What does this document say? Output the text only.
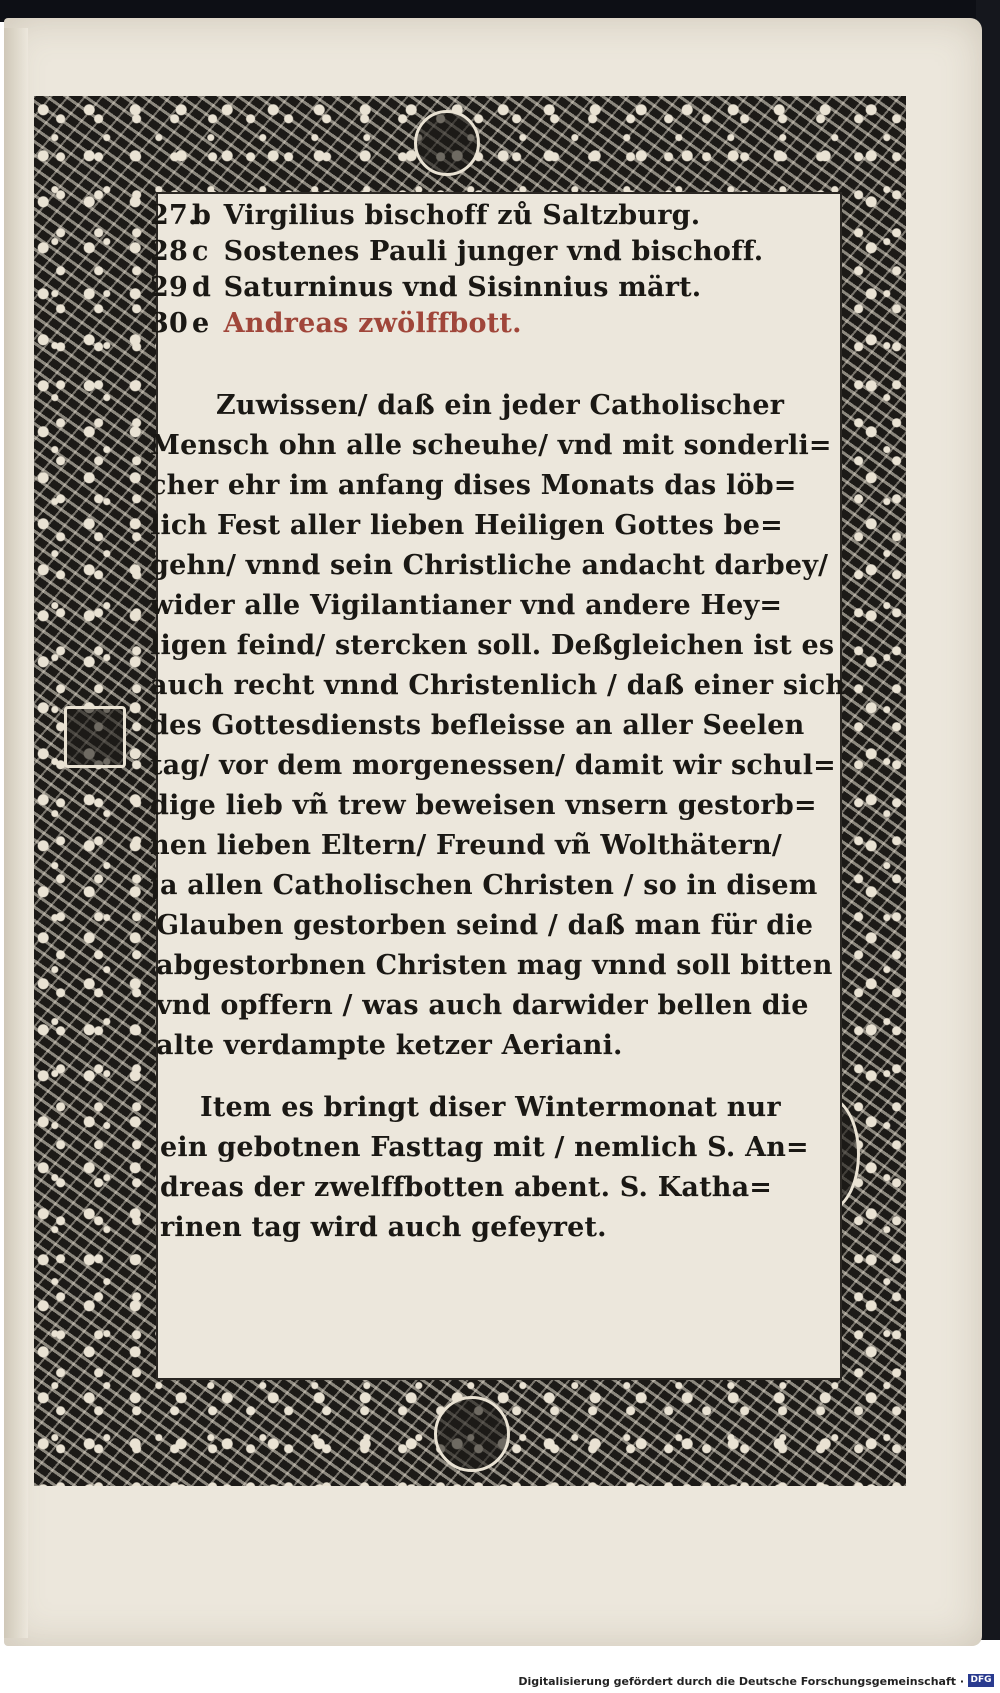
27.b Virgilius bischoff zů Saltzburg.
28 c Sostenes Pauli junger vnd bischoff.
29 d Saturninus vnd Sisinnius märt.
30 e Andreas zwölffbott.
Zuwissen/ daß ein jeder Catholischer
Mensch ohn alle scheuhe/ vnd mit sonderli=
cher ehr im anfang dises Monats das löb=
lich Fest aller lieben Heiligen Gottes be=
gehn/ vnnd sein Christliche andacht darbey/
wider alle Vigilantianer vnd andere Hey=
ligen feind/ stercken soll. Deßgleichen ist es
auch recht vnnd Christenlich / daß einer sich
des Gottesdiensts befleisse an aller Seelen
tag/ vor dem morgenessen/ damit wir schul=
dige lieb vñ trew beweisen vnsern gestorb=
nen lieben Eltern/ Freund vñ Wolthätern/
ja allen Catholischen Christen / so in disem
Glauben gestorben seind / daß man für die
abgestorbnen Christen mag vnnd soll bitten
vnd opffern / was auch darwider bellen die
alte verdampte ketzer Aeriani.
Item es bringt diser Wintermonat nur
ein gebotnen Fasttag mit / nemlich S. An=
dreas der zwelffbotten abent. S. Katha=
rinen tag wird auch gefeyret.
Digitalisierung gefördert durch die Deutsche Forschungsgemeinschaft · DFG
